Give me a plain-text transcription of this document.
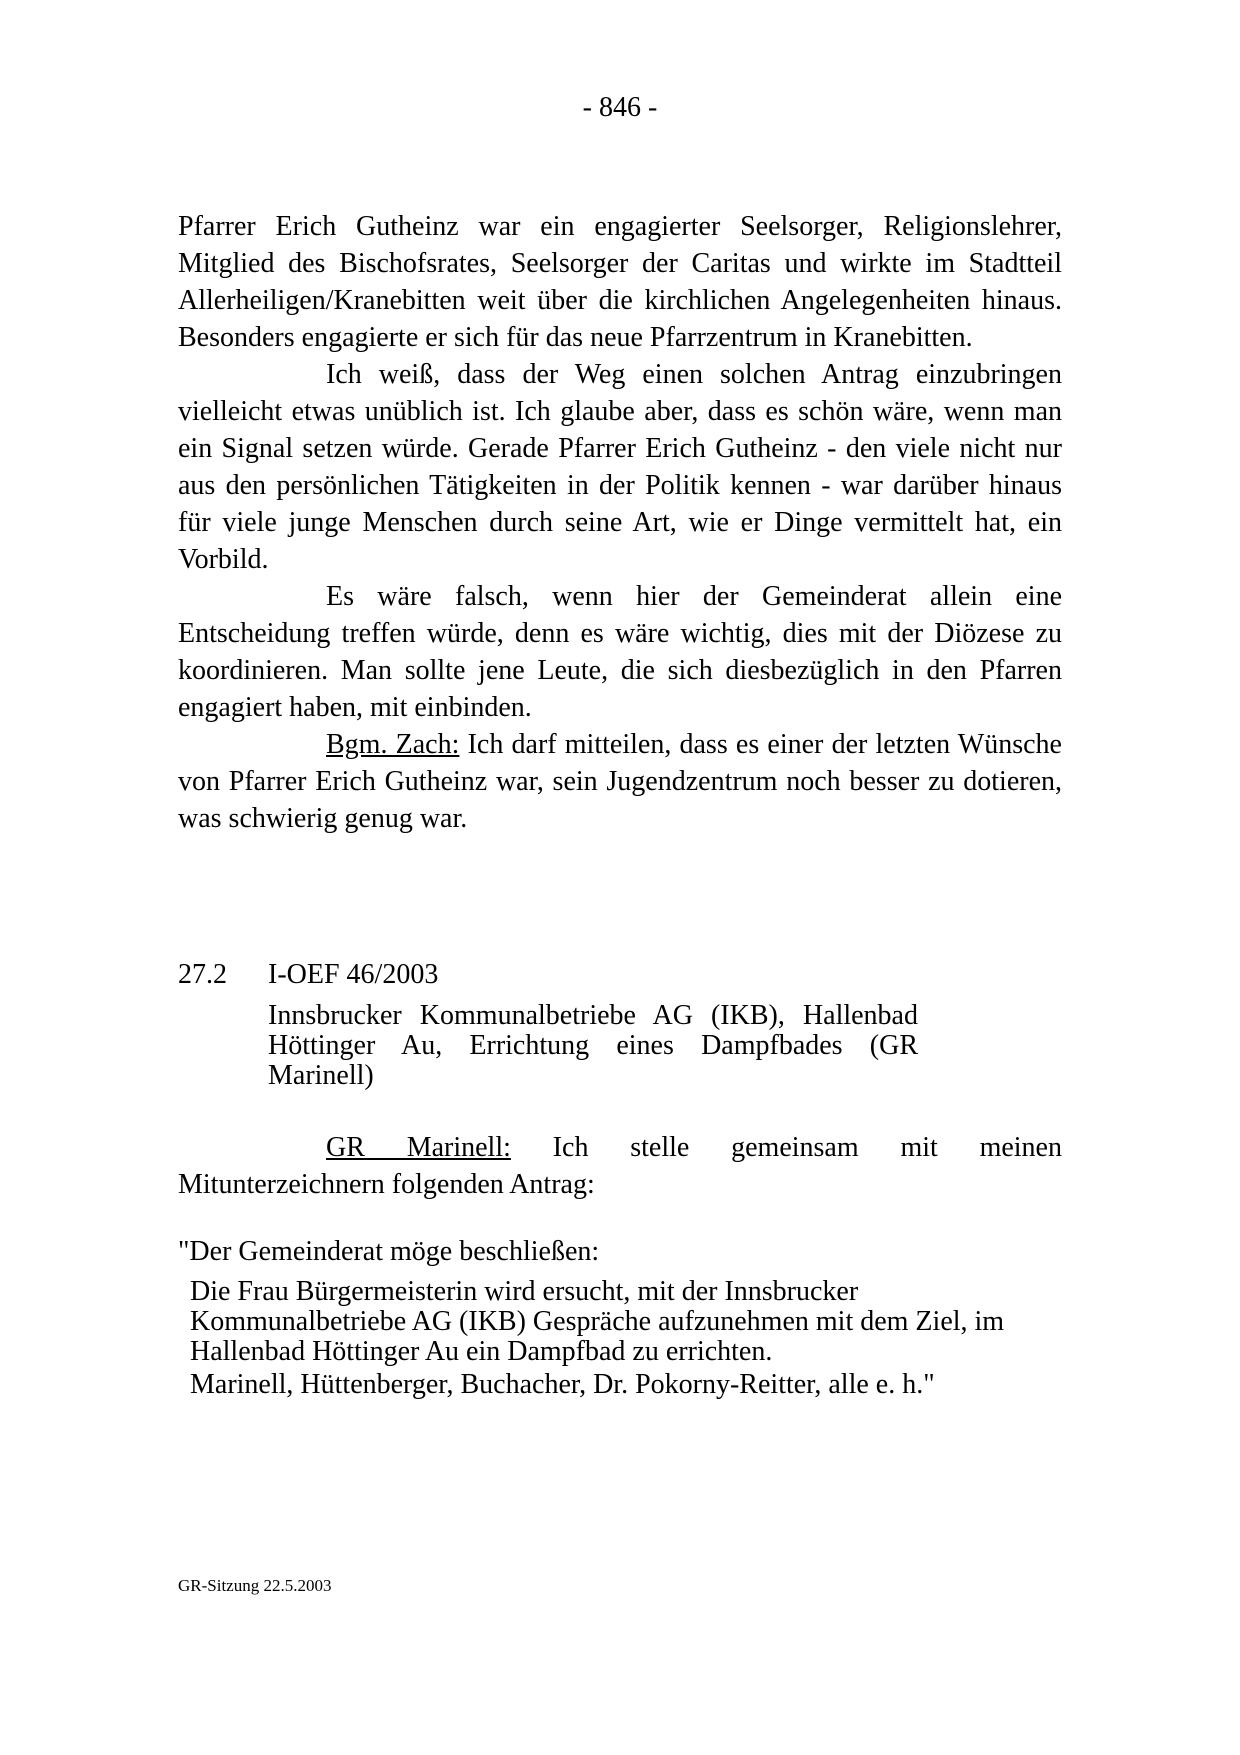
- 846 -

Pfarrer Erich Gutheinz war ein engagierter Seelsorger, Religionslehrer, Mitglied des Bischofsrates, Seelsorger der Caritas und wirkte im Stadtteil Allerheiligen/Kranebitten weit über die kirchlichen Angelegenheiten hinaus. Besonders engagierte er sich für das neue Pfarrzentrum in Kranebitten.

Ich weiß, dass der Weg einen solchen Antrag einzubringen vielleicht etwas unüblich ist. Ich glaube aber, dass es schön wäre, wenn man ein Signal setzen würde. Gerade Pfarrer Erich Gutheinz - den viele nicht nur aus den persönlichen Tätigkeiten in der Politik kennen - war darüber hinaus für viele junge Menschen durch seine Art, wie er Dinge vermittelt hat, ein Vorbild.

Es wäre falsch, wenn hier der Gemeinderat allein eine Entscheidung treffen würde, denn es wäre wichtig, dies mit der Diözese zu koordinieren. Man sollte jene Leute, die sich diesbezüglich in den Pfarren engagiert haben, mit einbinden.

Bgm. Zach: Ich darf mitteilen, dass es einer der letzten Wünsche von Pfarrer Erich Gutheinz war, sein Jugendzentrum noch besser zu dotieren, was schwierig genug war.

27.2 I-OEF 46/2003
Innsbrucker Kommunalbetriebe AG (IKB), Hallenbad Höttinger Au, Errichtung eines Dampfbades (GR Marinell)

GR Marinell: Ich stelle gemeinsam mit meinen Mitunterzeichnern folgenden Antrag:

"Der Gemeinderat möge beschließen:
Die Frau Bürgermeisterin wird ersucht, mit der Innsbrucker Kommunalbetriebe AG (IKB) Gespräche aufzunehmen mit dem Ziel, im Hallenbad Höttinger Au ein Dampfbad zu errichten.
Marinell, Hüttenberger, Buchacher, Dr. Pokorny-Reitter, alle e. h."
GR-Sitzung 22.5.2003
